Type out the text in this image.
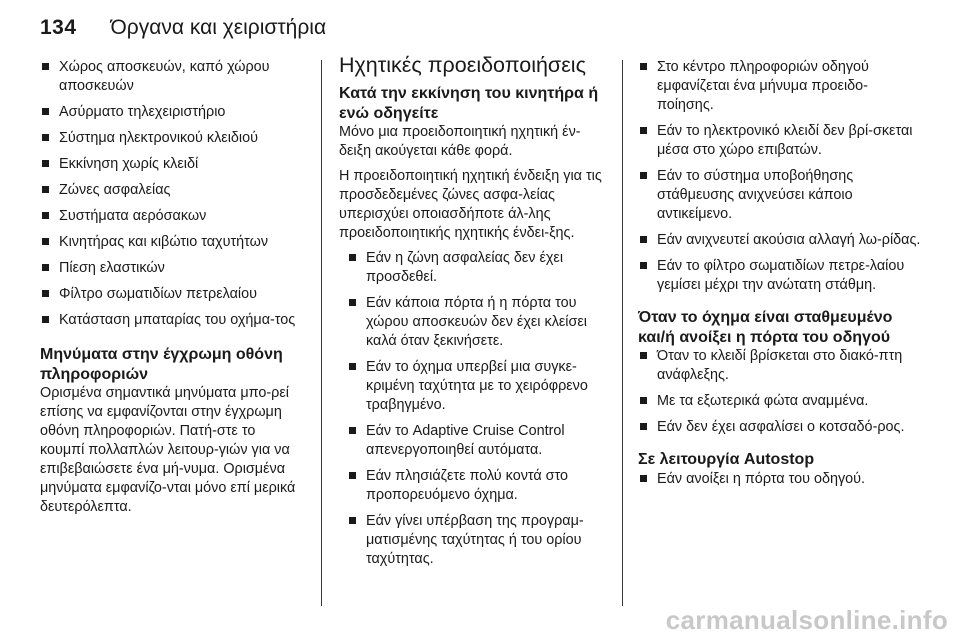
134 Όργανα και χειριστήρια
Χώρος αποσκευών, καπό χώρου αποσκευών
Ασύρματο τηλεχειριστήριο
Σύστημα ηλεκτρονικού κλειδιού
Εκκίνηση χωρίς κλειδί
Ζώνες ασφαλείας
Συστήματα αερόσακων
Κινητήρας και κιβώτιο ταχυτήτων
Πίεση ελαστικών
Φίλτρο σωματιδίων πετρελαίου
Κατάσταση μπαταρίας του οχήμα-τος
Μηνύματα στην έγχρωμη οθόνη πληροφοριών

Ορισμένα σημαντικά μηνύματα μπο-ρεί επίσης να εμφανίζονται στην έγχρωμη οθόνη πληροφοριών. Πατή-στε το κουμπί πολλαπλών λειτουρ-γιών για να επιβεβαιώσετε ένα μή-νυμα. Ορισμένα μηνύματα εμφανίζο-νται μόνο επί μερικά δευτερόλεπτα.

Ηχητικές προειδοποιήσεις
Κατά την εκκίνηση του κινητήρα ή ενώ οδηγείτε

Μόνο μια προειδοποιητική ηχητική έν-δειξη ακούγεται κάθε φορά.

Η προειδοποιητική ηχητική ένδειξη για τις προσδεδεμένες ζώνες ασφα-λείας υπερισχύει οποιασδήποτε άλ-λης προειδοποιητικής ηχητικής ένδει-ξης.

Εάν η ζώνη ασφαλείας δεν έχει προσδεθεί.
Εάν κάποια πόρτα ή η πόρτα του χώρου αποσκευών δεν έχει κλείσει καλά όταν ξεκινήσετε.
Εάν το όχημα υπερβεί μια συγκε-κριμένη ταχύτητα με το χειρόφρενο τραβηγμένο.
Εάν το Adaptive Cruise Control απενεργοποιηθεί αυτόματα.
Εάν πλησιάζετε πολύ κοντά στο προπορευόμενο όχημα.
Εάν γίνει υπέρβαση της προγραμ-ματισμένης ταχύτητας ή του ορίου ταχύτητας.
Στο κέντρο πληροφοριών οδηγού εμφανίζεται ένα μήνυμα προειδο-ποίησης.
Εάν το ηλεκτρονικό κλειδί δεν βρί-σκεται μέσα στο χώρο επιβατών.
Εάν το σύστημα υποβοήθησης στάθμευσης ανιχνεύσει κάποιο αντικείμενο.
Εάν ανιχνευτεί ακούσια αλλαγή λω-ρίδας.
Εάν το φίλτρο σωματιδίων πετρε-λαίου γεμίσει μέχρι την ανώτατη στάθμη.
Όταν το όχημα είναι σταθμευμένο και/ή ανοίξει η πόρτα του οδηγού
Όταν το κλειδί βρίσκεται στο διακό-πτη ανάφλεξης.
Με τα εξωτερικά φώτα αναμμένα.
Εάν δεν έχει ασφαλίσει ο κοτσαδό-ρος.
Σε λειτουργία Autostop
Εάν ανοίξει η πόρτα του οδηγού.
carmanualsonline.info
